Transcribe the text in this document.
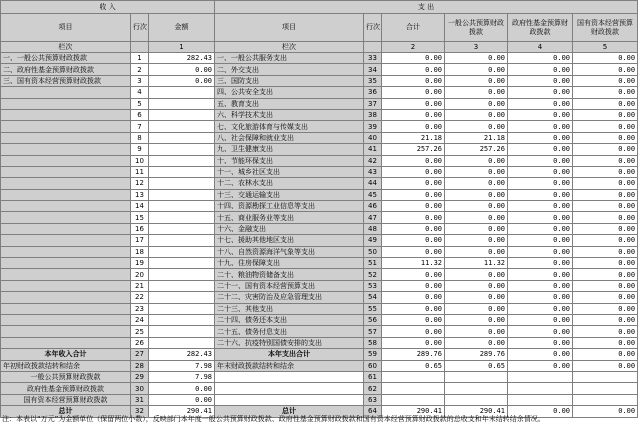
收 入			支 出					
项目	行次	金额	项目	行次	合计	一般公共预算财政拨款	政府性基金预算财政拨款	国有资本经营预算财政拨款
栏次		1	栏次		2	3	4	5
一、一般公共预算财政拨款	1	282.43	一、一般公共服务支出	33	0.00	0.00	0.00	0.00
二、政府性基金预算财政拨款	2	0.00	二、外交支出	34	0.00	0.00	0.00	0.00
三、国有资本经营预算财政拨款	3	0.00	三、国防支出	35	0.00	0.00	0.00	0.00
	4		四、公共安全支出	36	0.00	0.00	0.00	0.00
	5		五、教育支出	37	0.00	0.00	0.00	0.00
	6		六、科学技术支出	38	0.00	0.00	0.00	0.00
	7		七、文化旅游体育与传媒支出	39	0.00	0.00	0.00	0.00
	8		八、社会保障和就业支出	40	21.18	21.18	0.00	0.00
	9		九、卫生健康支出	41	257.26	257.26	0.00	0.00
	10		十、节能环保支出	42	0.00	0.00	0.00	0.00
	11		十一、城乡社区支出	43	0.00	0.00	0.00	0.00
	12		十二、农林水支出	44	0.00	0.00	0.00	0.00
	13		十三、交通运输支出	45	0.00	0.00	0.00	0.00
	14		十四、资源勘探工业信息等支出	46	0.00	0.00	0.00	0.00
	15		十五、商业服务业等支出	47	0.00	0.00	0.00	0.00
	16		十六、金融支出	48	0.00	0.00	0.00	0.00
	17		十七、援助其他地区支出	49	0.00	0.00	0.00	0.00
	18		十八、自然资源海洋气象等支出	50	0.00	0.00	0.00	0.00
	19		十九、住房保障支出	51	11.32	11.32	0.00	0.00
	20		二十、粮油物资储备支出	52	0.00	0.00	0.00	0.00
	21		二十一、国有资本经营预算支出	53	0.00	0.00	0.00	0.00
	22		二十二、灾害防治及应急管理支出	54	0.00	0.00	0.00	0.00
	23		二十三、其他支出	55	0.00	0.00	0.00	0.00
	24		二十四、债务还本支出	56	0.00	0.00	0.00	0.00
	25		二十五、债务付息支出	57	0.00	0.00	0.00	0.00
	26		二十六、抗疫特别国债安排的支出	58	0.00	0.00	0.00	0.00
本年收入合计	27	282.43	本年支出合计	59	289.76	289.76	0.00	0.00
年初财政拨款结转和结余	28	7.98	年末财政拨款结转和结余	60	0.65	0.65	0.00	0.00
一般公共预算财政拨款	29	7.98		61				
政府性基金预算财政拨款	30	0.00		62				
国有资本经营预算财政拨款	31	0.00		63				
总计	32	290.41	总计	64	290.41	290.41	0.00	0.00
注：本表以“万元”为金额单位（保留两位小数），反映部门本年度一般公共预算财政拨款、政府性基金预算财政拨款和国有资本经营预算财政拨款的总收支和年末结转结余情况。
